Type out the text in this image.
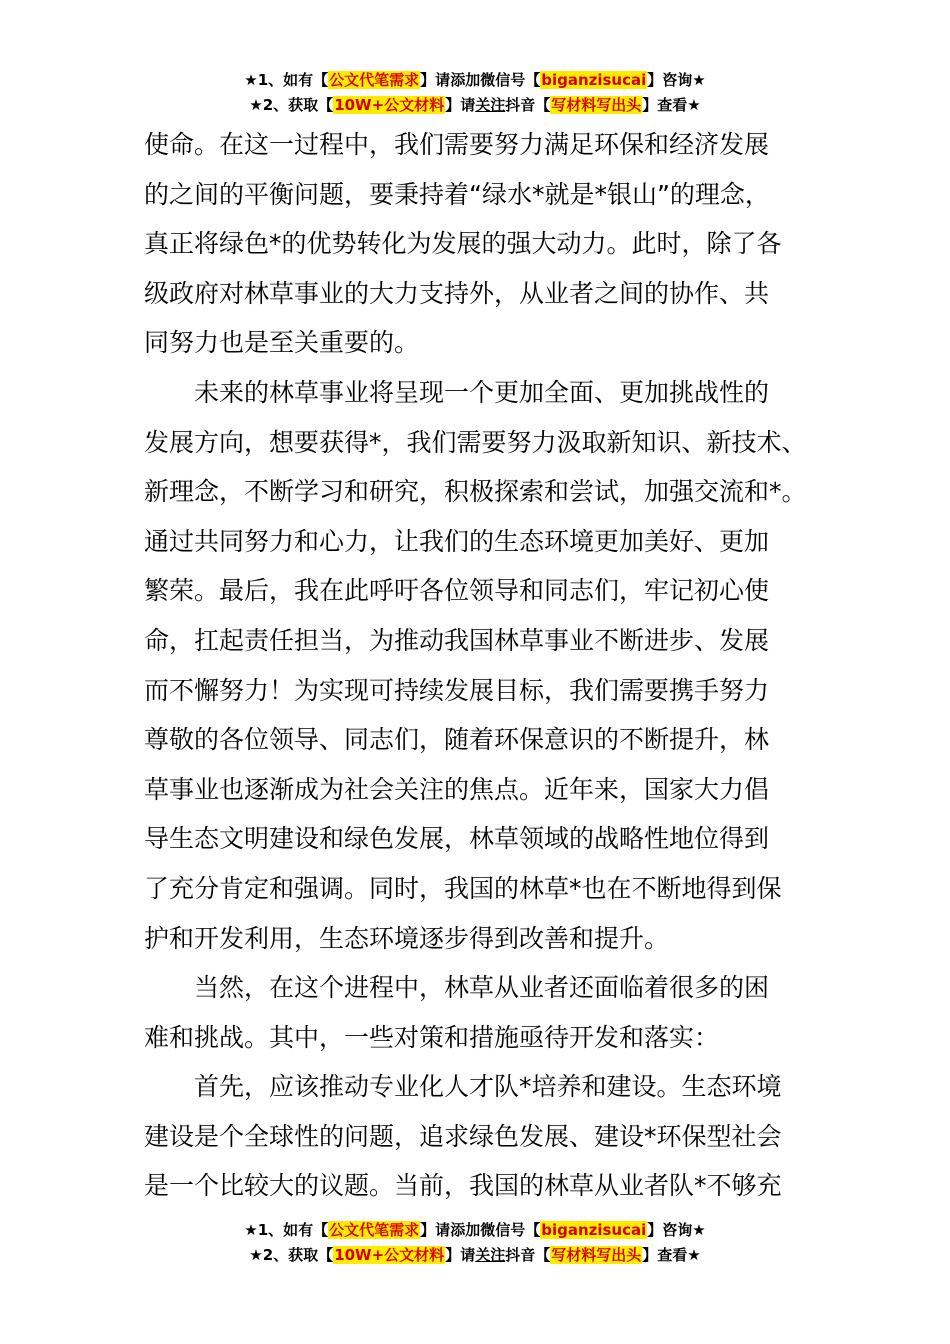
★1、如有【公文代笔需求】请添加微信号【biganzisucai】咨询★
★2、获取【10W+公文材料】请关注抖音【写材料写出头】查看★
使命。在这一过程中，我们需要努力满足环保和经济发展
的之间的平衡问题，要秉持着“绿水*就是*银山”的理念，
真正将绿色*的优势转化为发展的强大动力。此时，除了各
级政府对林草事业的大力支持外，从业者之间的协作、共
同努力也是至关重要的。
未来的林草事业将呈现一个更加全面、更加挑战性的
发展方向，想要获得*，我们需要努力汲取新知识、新技术、
新理念，不断学习和研究，积极探索和尝试，加强交流和*。
通过共同努力和心力，让我们的生态环境更加美好、更加
繁荣。最后，我在此呼吁各位领导和同志们，牢记初心使
命，扛起责任担当，为推动我国林草事业不断进步、发展
而不懈努力！为实现可持续发展目标，我们需要携手努力
尊敬的各位领导、同志们，随着环保意识的不断提升，林
草事业也逐渐成为社会关注的焦点。近年来，国家大力倡
导生态文明建设和绿色发展，林草领域的战略性地位得到
了充分肯定和强调。同时，我国的林草*也在不断地得到保
护和开发利用，生态环境逐步得到改善和提升。
当然，在这个进程中，林草从业者还面临着很多的困
难和挑战。其中，一些对策和措施亟待开发和落实：
首先，应该推动专业化人才队*培养和建设。生态环境
建设是个全球性的问题，追求绿色发展、建设*环保型社会
是一个比较大的议题。当前，我国的林草从业者队*不够充
★1、如有【公文代笔需求】请添加微信号【biganzisucai】咨询★
★2、获取【10W+公文材料】请关注抖音【写材料写出头】查看★
